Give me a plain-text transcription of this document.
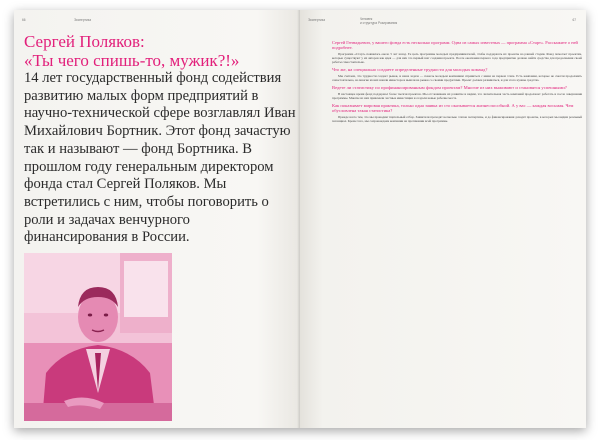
66	Экспертиза
Сергей Поляков:
«Ты чего спишь-то, мужик?!»

14 лет государственный фонд содействия развитию малых форм предприятий в научно-технической сфере возглавлял Иван Михайлович Бортник. Этот фонд зачастую так и называют — фонд Бортника. В прошлом году генеральным директором фонда стал Сергей Поляков. Мы встретились с ним, чтобы поговорить о роли и задачах венчурного финансирования в России.

Экспертиза	Человек
и структура Розирования
67

Сергей Геннадьевич, у вашего фонда есть несколько программ. Одна из самых известных — программа «Старт». Расскажите о ней подробнее.

Программа «Старт» появилась около 5 лет назад. Ее цель программы молодых предпринимателей, чтобы поддержать их проекты на ранней стадии. Фонд помогает проектам, которые существуют у их авторов как идея — для них это первый шаг создания проекта. После окончания первого года предприятие должно найти средства для продолжения своей работы самостоятельно.

Что же, на специально создаете определенные трудности для молодых команд?

Мы считаем, что трудности создает рынок, и наша задача — помочь молодым компаниям справиться с ними на первом этапе. Есть компании, которые не смогли продолжить самостоятельно, но многие из них нашли инвестора и вышли на рынок со своими продуктами. Проект должен развиваться, и для этого нужны средства.

Ведете ли статистику по профинансированным фондом проектам? Многие из них выживают и становятся успешными?

В настоящее время фонд поддержал более тысячи проектов. Мы отслеживаем их развитие и видим, что значительная часть компаний продолжает работать и после завершения программы. Многие из них привлекли частные инвестиции и создали новые рабочие места.

Как показывает мировая практика, только одна заявка из сто оказывается жизнеспособной. А у вас — каждая восьмая. Чем обусловлена такая статистика?

Прежде всего тем, что мы проводим тщательный отбор. Заявители проходят несколько этапов экспертизы, и до финансирования доходят проекты, в которых мы видим реальный потенциал. Кроме того, мы сопровождаем компании на протяжении всей программы.
